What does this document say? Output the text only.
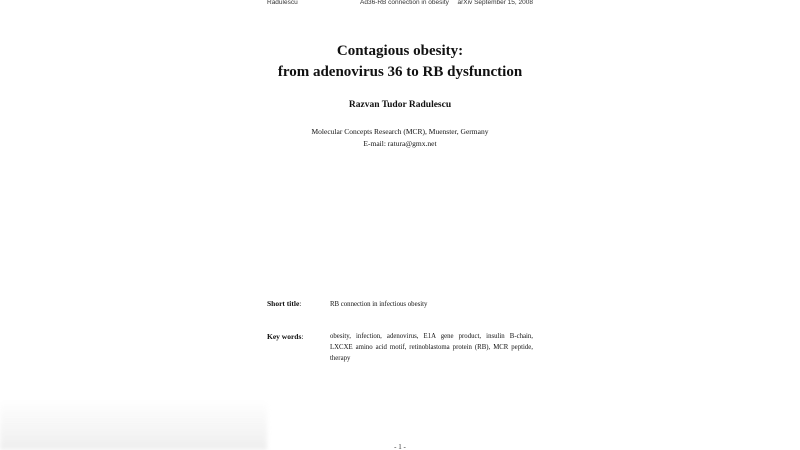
Radulescu	Ad36-RB connection in obesity arXiv September 15, 2008
Contagious obesity:
from adenovirus 36 to RB dysfunction
Razvan Tudor Radulescu
Molecular Concepts Research (MCR), Muenster, Germany
E-mail: ratura@gmx.net
Short title:	RB connection in infectious obesity
Key words:	obesity, infection, adenovirus, E1A gene product, insulin B-chain, LXCXE amino acid motif, retinoblastoma protein (RB), MCR peptide, therapy
- 1 -
